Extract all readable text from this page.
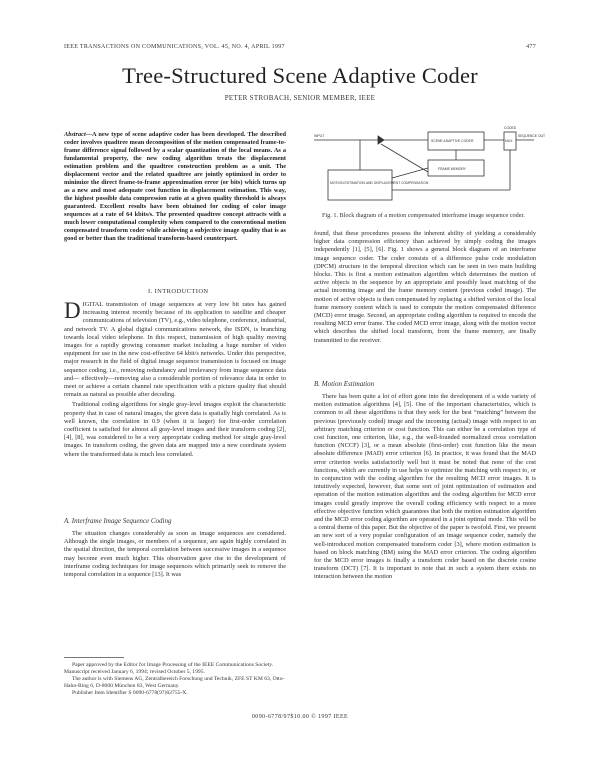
IEEE TRANSACTIONS ON COMMUNICATIONS, VOL. 45, NO. 4, APRIL 1997	477
Tree-Structured Scene Adaptive Coder
PETER STROBACH, SENIOR MEMBER, IEEE
Abstract—A new type of scene adaptive coder has been developed. The described coder involves quadtree mean decomposition of the motion compensated frame-to-frame difference signal followed by a scalar quantization of the local means. As a fundamental property, the new coding algorithm treats the displacement estimation problem and the quadtree construction problem as a unit. The displacement vector and the related quadtree are jointly optimized in order to minimize the direct frame-to-frame approximation error (or bits) which turns up as a new and most adequate cost function in displacement estimation. This way, the highest possible data compression ratio at a given quality threshold is always guaranteed. Excellent results have been obtained for coding of color image sequences at a rate of 64 kbits/s. The presented quadtree concept attracts with a much lower computational complexity when compared to the conventional motion compensated transform coder while achieving a subjective image quality that is as good or better than the traditional transform-based counterpart.
I. INTRODUCTION

DIGITAL transmission of image sequences at very low bit rates has gained increasing interest recently because of its application to satellite and cheaper communications of television (TV), e.g., video telephone, conference, industrial, and network TV. A global digital communications network, the ISDN, is branching towards local video telephone. In this respect, transmission of high quality moving images for a rapidly growing consumer market including a huge number of video equipment for use in the new cost-effective 64 kbit/s networks. Under this perspective, major research in the field of digital image sequence transmission is focused on image sequence coding, i.e., removing redundancy and irrelevancy from image sequence data and— effectively—removing also a considerable portion of relevance data in order to meet or achieve a certain channel rate specification with a picture quality that should remain as natural as possible after decoding.

Traditional coding algorithms for single gray-level images exploit the characteristic property that in case of natural images, the given data is spatially high correlated. As is well known, the correlation in 0.9 (when it is larger) for first-order correlation coefficient is satisfied for almost all gray-level images and their transform coding [2], [4], [8], was considered to be a very appropriate coding method for single gray-level images. In transform coding, the given data are mapped into a new coordinate system where the transformed data is much less correlated.

A. Interframe Image Sequence Coding

The situation changes considerably as soon as image sequences are considered. Although the single images, or members of a sequence, are again highly correlated in the spatial direction, the temporal correlation between successive images in a sequence may become even much higher. This observation gave rise to the development of interframe coding techniques for image sequences which primarily seek to remove the temporal correlation in a sequence [13]. It was

Paper approved by the Editor for Image Processing of the IEEE Communications Society. Manuscript received January 6, 1994; revised October 5, 1995.
The author is with Siemens AG, Zentralbereich Forschung und Technik, ZFE ST KM 63, Otto-Hahn-Ring 6, D-8000 München 83, West Germany.
Publisher Item Identifier S 0090-6778(97)02755-X.
CODED
SEQUENCE OUT
SCENE ADAPTIVE CODER	MUX
FRAME MEMORY
INPUT
MOTION ESTIMATION AND DISPLACEMENT COMPENSATION
Fig. 1. Block diagram of a motion compensated interframe image sequence coder.

found, that these procedures possess the inherent ability of yielding a considerably higher data compression efficiency than achieved by simply coding the images independently [1], [5], [6]. Fig. 1 shows a general block diagram of an interframe image sequence coder. The coder consists of a difference pulse code modulation (DPCM) structure in the temporal direction which can be seen in two main building blocks. This is first a motion estimation algorithm which determines the motion of active objects in the sequence by an appropriate and possibly least matching of the actual incoming image and the frame memory content (previous coded image). The motion of active objects is then compensated by replacing a shifted version of the local frame memory content which is used to compute the motion compensated difference (MCD) error image. Second, an appropriate coding algorithm is required to encode the resulting MCD error frame. The coded MCD error image, along with the motion vector which describes the shifted local transform, from the frame memory, are finally transmitted to the receiver.

B. Motion Estimation

There has been quite a lot of effort gone into the development of a wide variety of motion estimation algorithms [4], [5]. One of the important characteristics, which is common to all these algorithms is that they seek for the best “matching” between the previous (previously coded) image and the incoming (actual) image with respect to an arbitrary matching criterion or cost function. This can either be a correlation type of cost function, one criterion, like, e.g., the well-founded normalized cross correlation function (NCCF) [3], or a mean absolute (first-order) cost function like the mean absolute difference (MAD) error criterion [6]. In practice, it was found that the MAD error criterion works satisfactorily well but it must be noted that none of the cost functions, which are currently in use helps to optimize the matching with respect to, or in conjunction with the coding algorithm for the resulting MCD error images. It is intuitively expected, however, that some sort of joint optimization of estimation and operation of the motion estimation algorithm and the coding algorithm for MCD error images could greatly improve the overall coding efficiency with respect to a more effective objective function which guarantees that both the motion estimation algorithm and the MCD error coding algorithm are operated in a joint optimal mode. This will be a central theme of this paper. But the objective of the paper is twofold. First, we present an new sort of a very popular configuration of an image sequence coder, namely the well-introduced motion compensated transform coder [3], where motion estimation is based on block matching (BM) using the MAD error criterion. The coding algorithm for the MCD error images is finally a transform coder based on the discrete cosine transform (DCT) [7]. It is important to note that in such a system there exists no interaction between the motion

0090-6778/97$10.00 © 1997 IEEE
